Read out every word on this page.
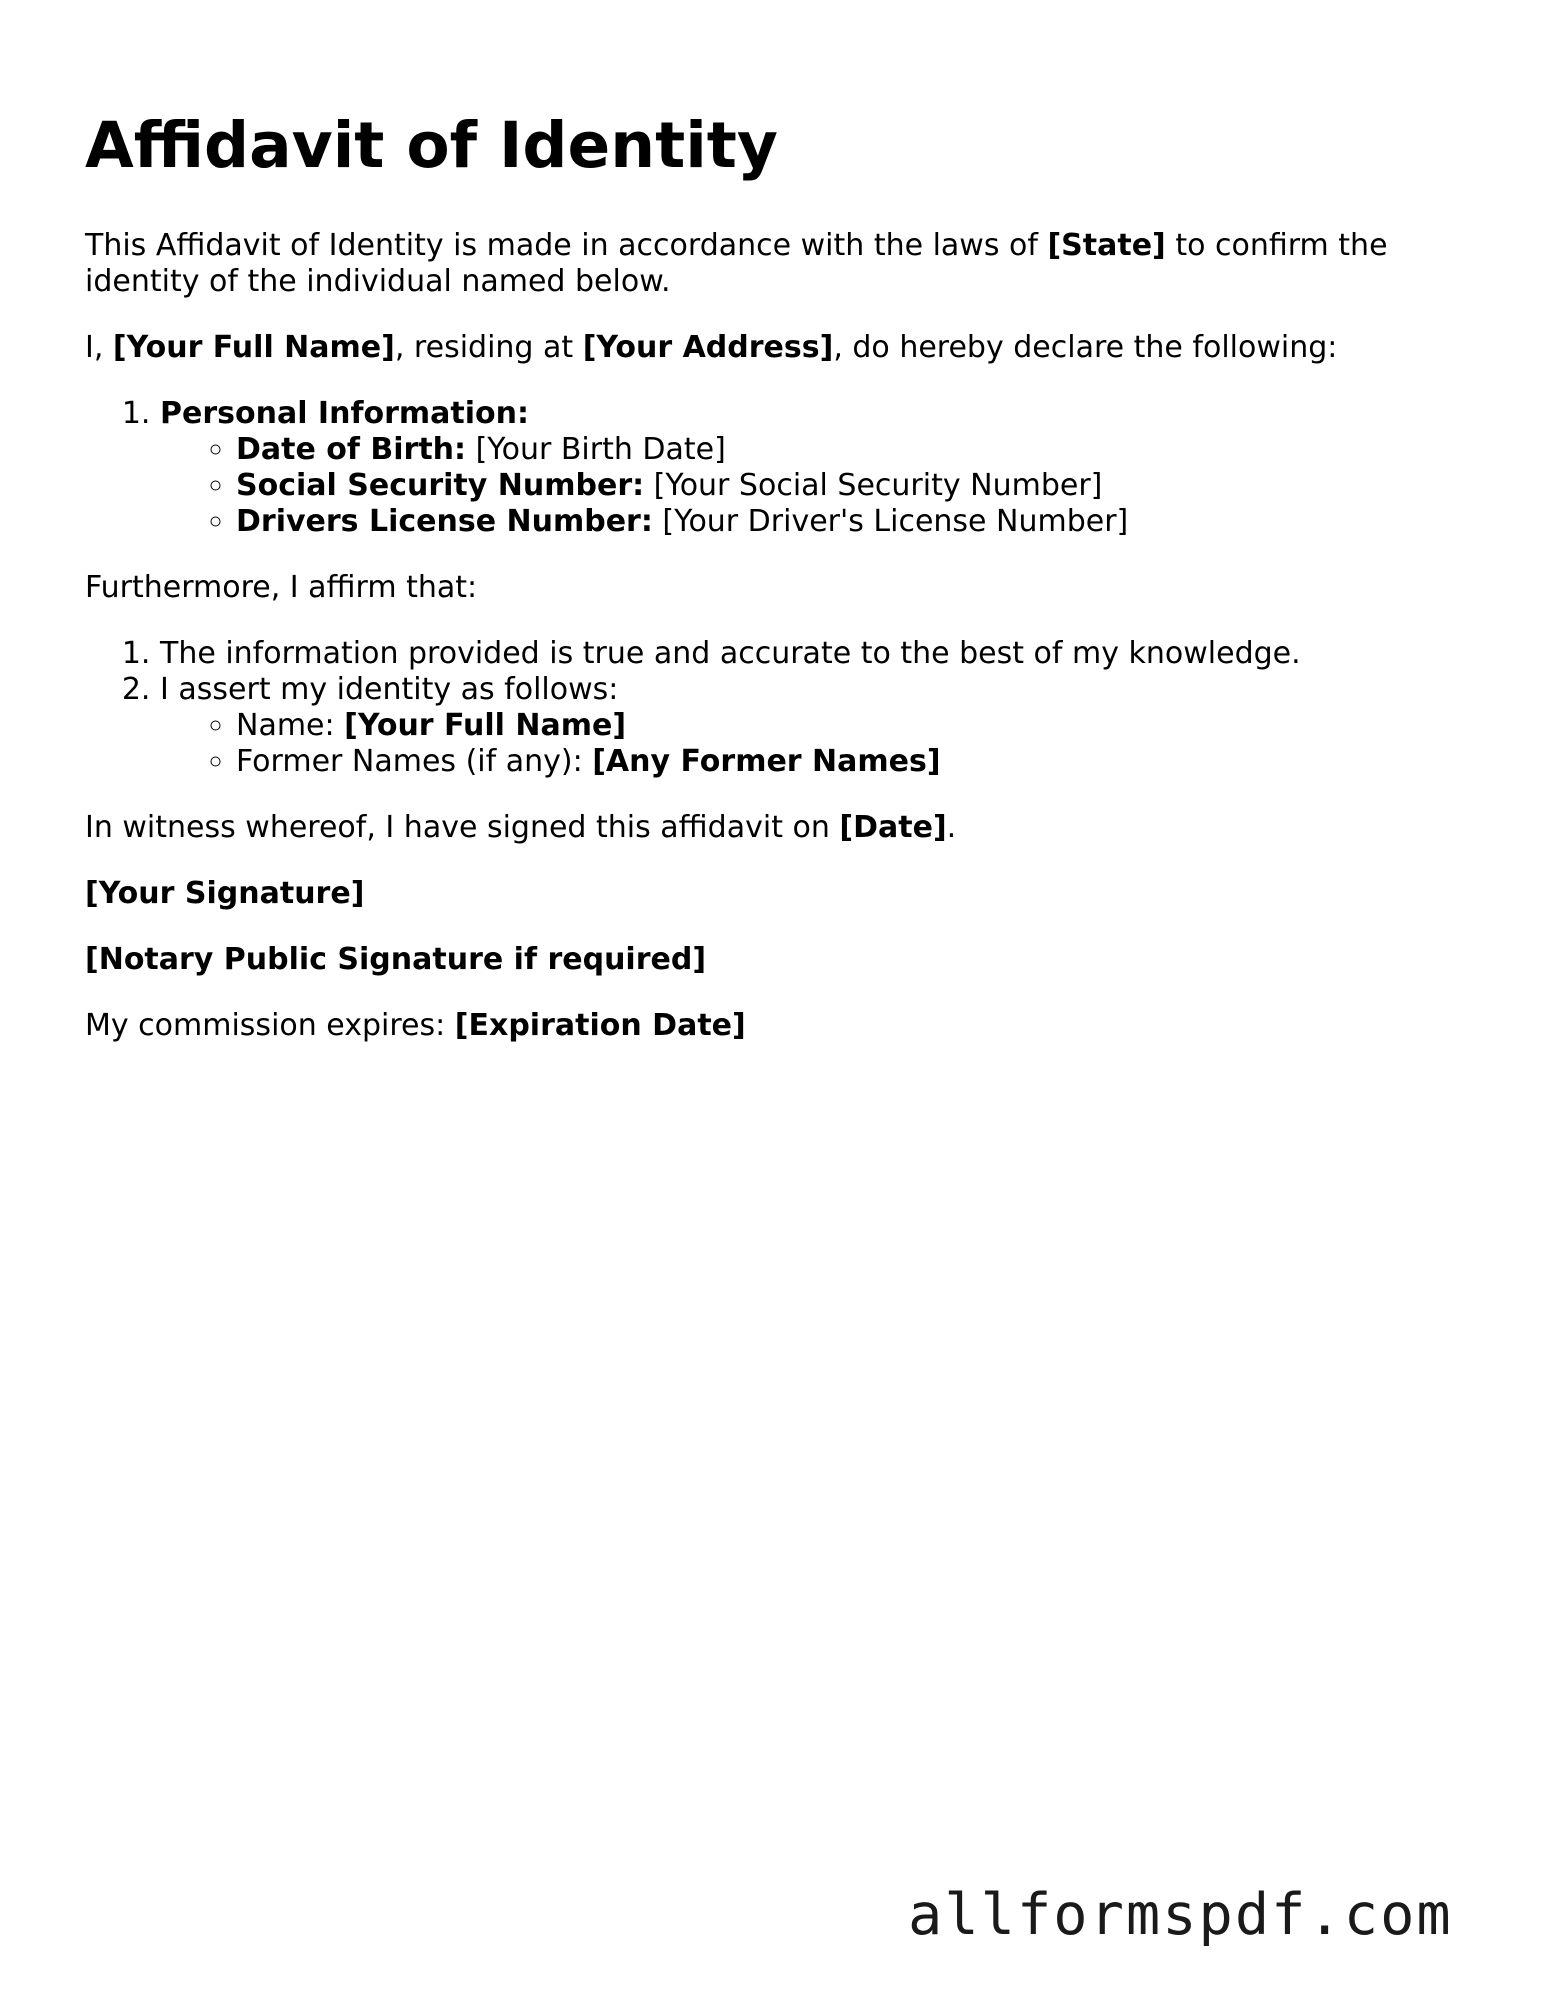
Affidavit of Identity

This Affidavit of Identity is made in accordance with the laws of [State] to confirm the identity of the individual named below.

I, [Your Full Name], residing at [Your Address], do hereby declare the following:

1. Personal Information:
◦ Date of Birth: [Your Birth Date]
◦ Social Security Number: [Your Social Security Number]
◦ Drivers License Number: [Your Driver's License Number]

Furthermore, I affirm that:

1. The information provided is true and accurate to the best of my knowledge.
2. I assert my identity as follows:
◦ Name: [Your Full Name]
◦ Former Names (if any): [Any Former Names]

In witness whereof, I have signed this affidavit on [Date].

[Your Signature]

[Notary Public Signature if required]

My commission expires: [Expiration Date]

allformspdf.com
